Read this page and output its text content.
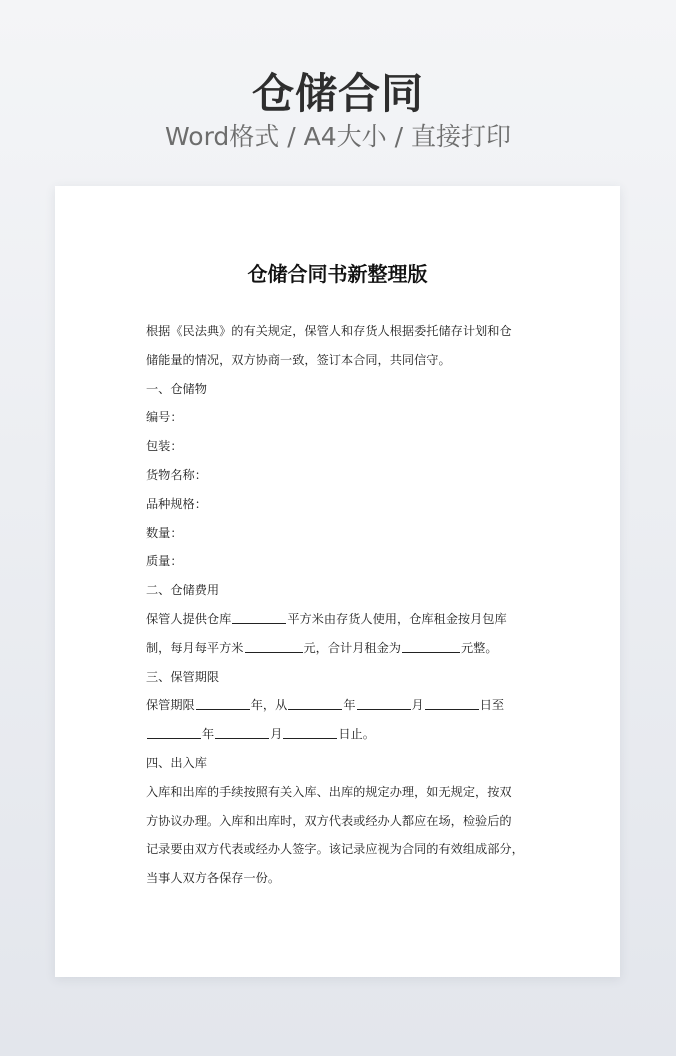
仓储合同
Word格式 / A4大小 / 直接打印
仓储合同书新整理版
根据《民法典》的有关规定，保管人和存货人根据委托储存计划和仓
储能量的情况，双方协商一致，签订本合同，共同信守。
一、仓储物
编号：
包装：
货物名称：
品种规格：
数量：
质量：
二、仓储费用
保管人提供仓库	平方米由存货人使用，仓库租金按月包库
制，每月每平方米	元，合计月租金为	元整。
三、保管期限
保管期限	年，从	年	月	日至
年	月	日止。
四、出入库
入库和出库的手续按照有关入库、出库的规定办理，如无规定，按双
方协议办理。入库和出库时，双方代表或经办人都应在场，检验后的
记录要由双方代表或经办人签字。该记录应视为合同的有效组成部分，
当事人双方各保存一份。
